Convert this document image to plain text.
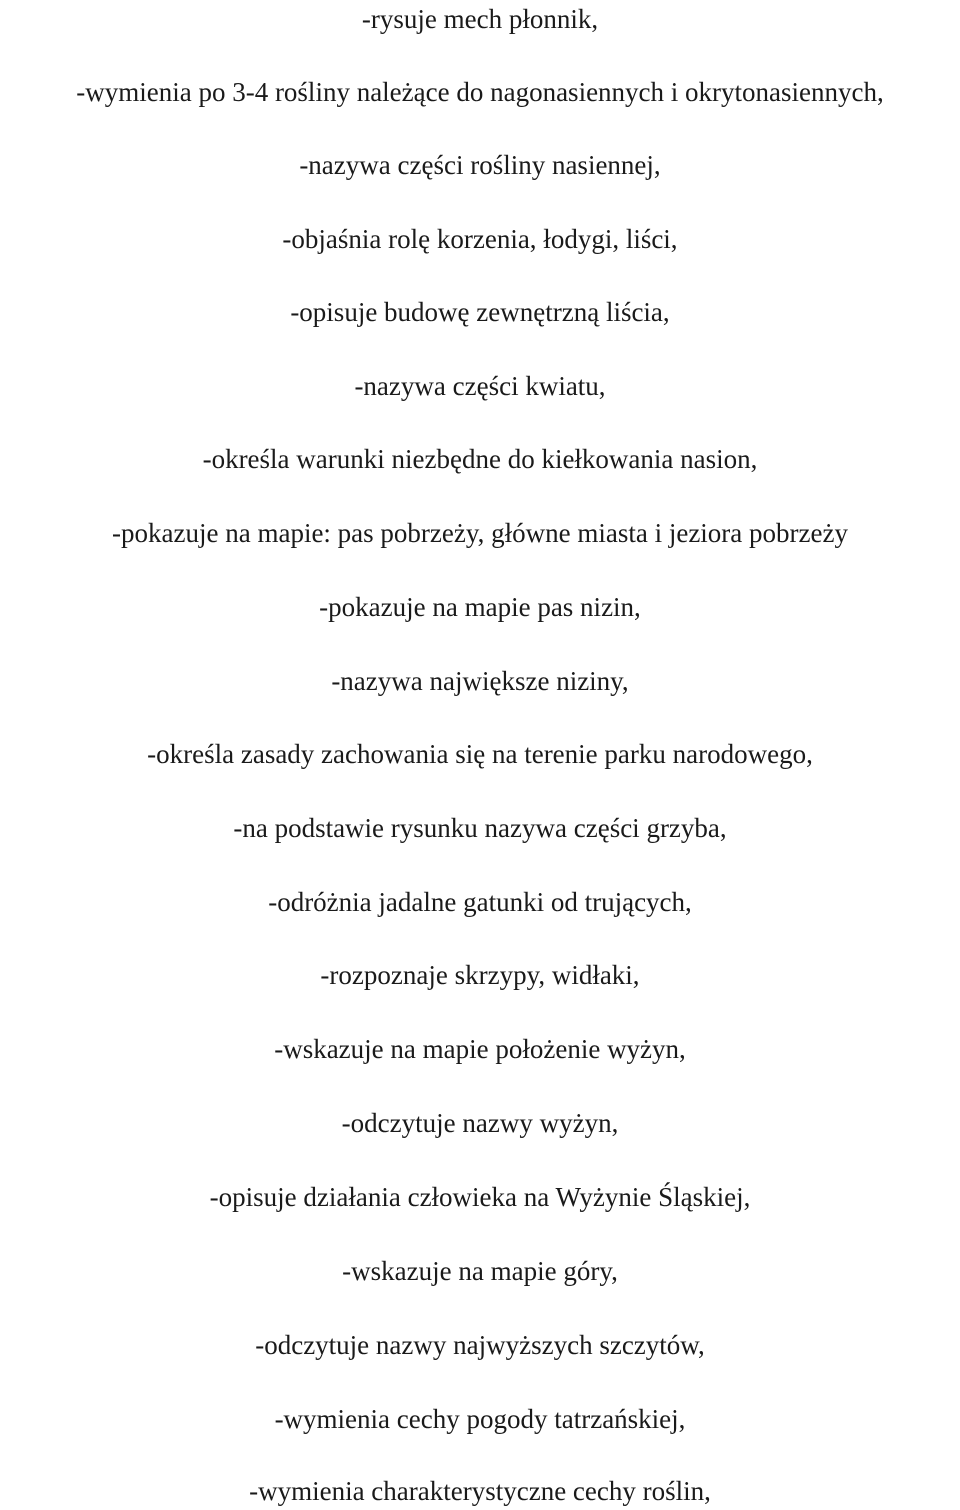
-rysuje mech płonnik,
-wymienia po 3-4 rośliny należące do nagonasiennych i okrytonasiennych,
-nazywa części rośliny nasiennej,
-objaśnia rolę korzenia, łodygi, liści,
-opisuje budowę zewnętrzną liścia,
-nazywa części kwiatu,
-określa warunki niezbędne do kiełkowania nasion,
-pokazuje na mapie: pas pobrzeży, główne miasta i jeziora pobrzeży
-pokazuje na mapie pas nizin,
-nazywa największe niziny,
-określa zasady zachowania się na terenie parku narodowego,
-na podstawie rysunku nazywa części grzyba,
-odróżnia jadalne gatunki od trujących,
-rozpoznaje skrzypy, widłaki,
-wskazuje na mapie położenie wyżyn,
-odczytuje nazwy wyżyn,
-opisuje działania człowieka na Wyżynie Śląskiej,
-wskazuje na mapie góry,
-odczytuje nazwy najwyższych szczytów,
-wymienia cechy pogody tatrzańskiej,
-wymienia charakterystyczne cechy roślin,
